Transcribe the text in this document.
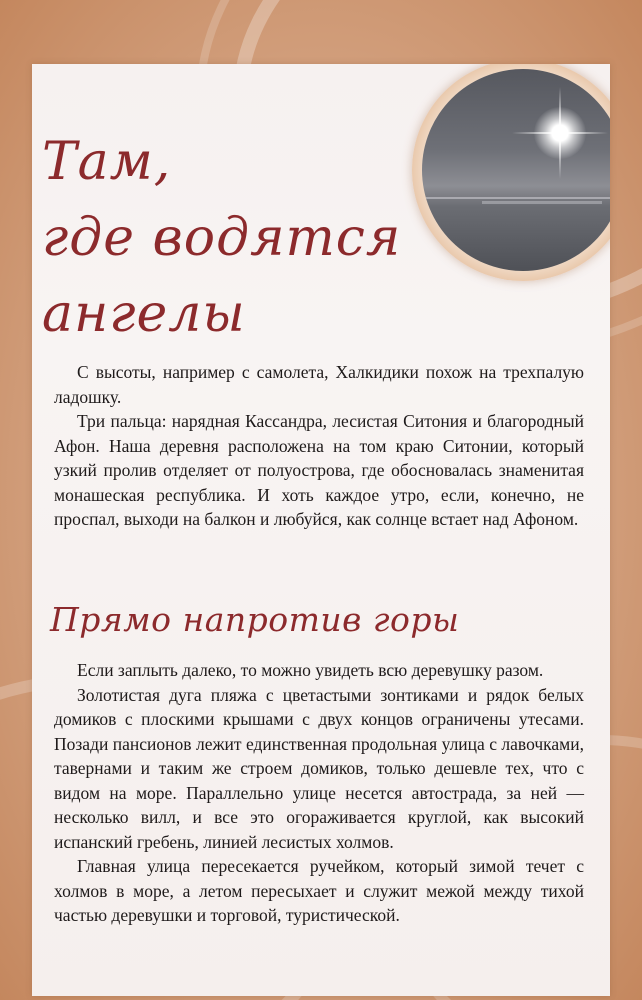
Там,
где водятся
ангелы

С высоты, например с самолета, Халкидики похож на трехпалую ладошку.

Три пальца: нарядная Кассандра, лесистая Ситония и благородный Афон. Наша деревня расположена на том краю Ситонии, который узкий пролив отделяет от полуострова, где обосновалась знаменитая монашеская республика. И хоть каждое утро, если, конечно, не проспал, выходи на балкон и любуйся, как солнце встает над Афоном.

Прямо напротив горы

Если заплыть далеко, то можно увидеть всю деревушку разом.

Золотистая дуга пляжа с цветастыми зонтиками и рядок белых домиков с плоскими крышами с двух концов ограничены утесами. Позади пансионов лежит единственная продольная улица с лавочками, тавернами и таким же строем домиков, только дешевле тех, что с видом на море. Параллельно улице несется автострада, за ней — несколько вилл, и все это огораживается круглой, как высокий испанский гребень, линией лесистых холмов.

Главная улица пересекается ручейком, который зимой течет с холмов в море, а летом пересыхает и служит межой между тихой частью деревушки и торговой, туристической.
